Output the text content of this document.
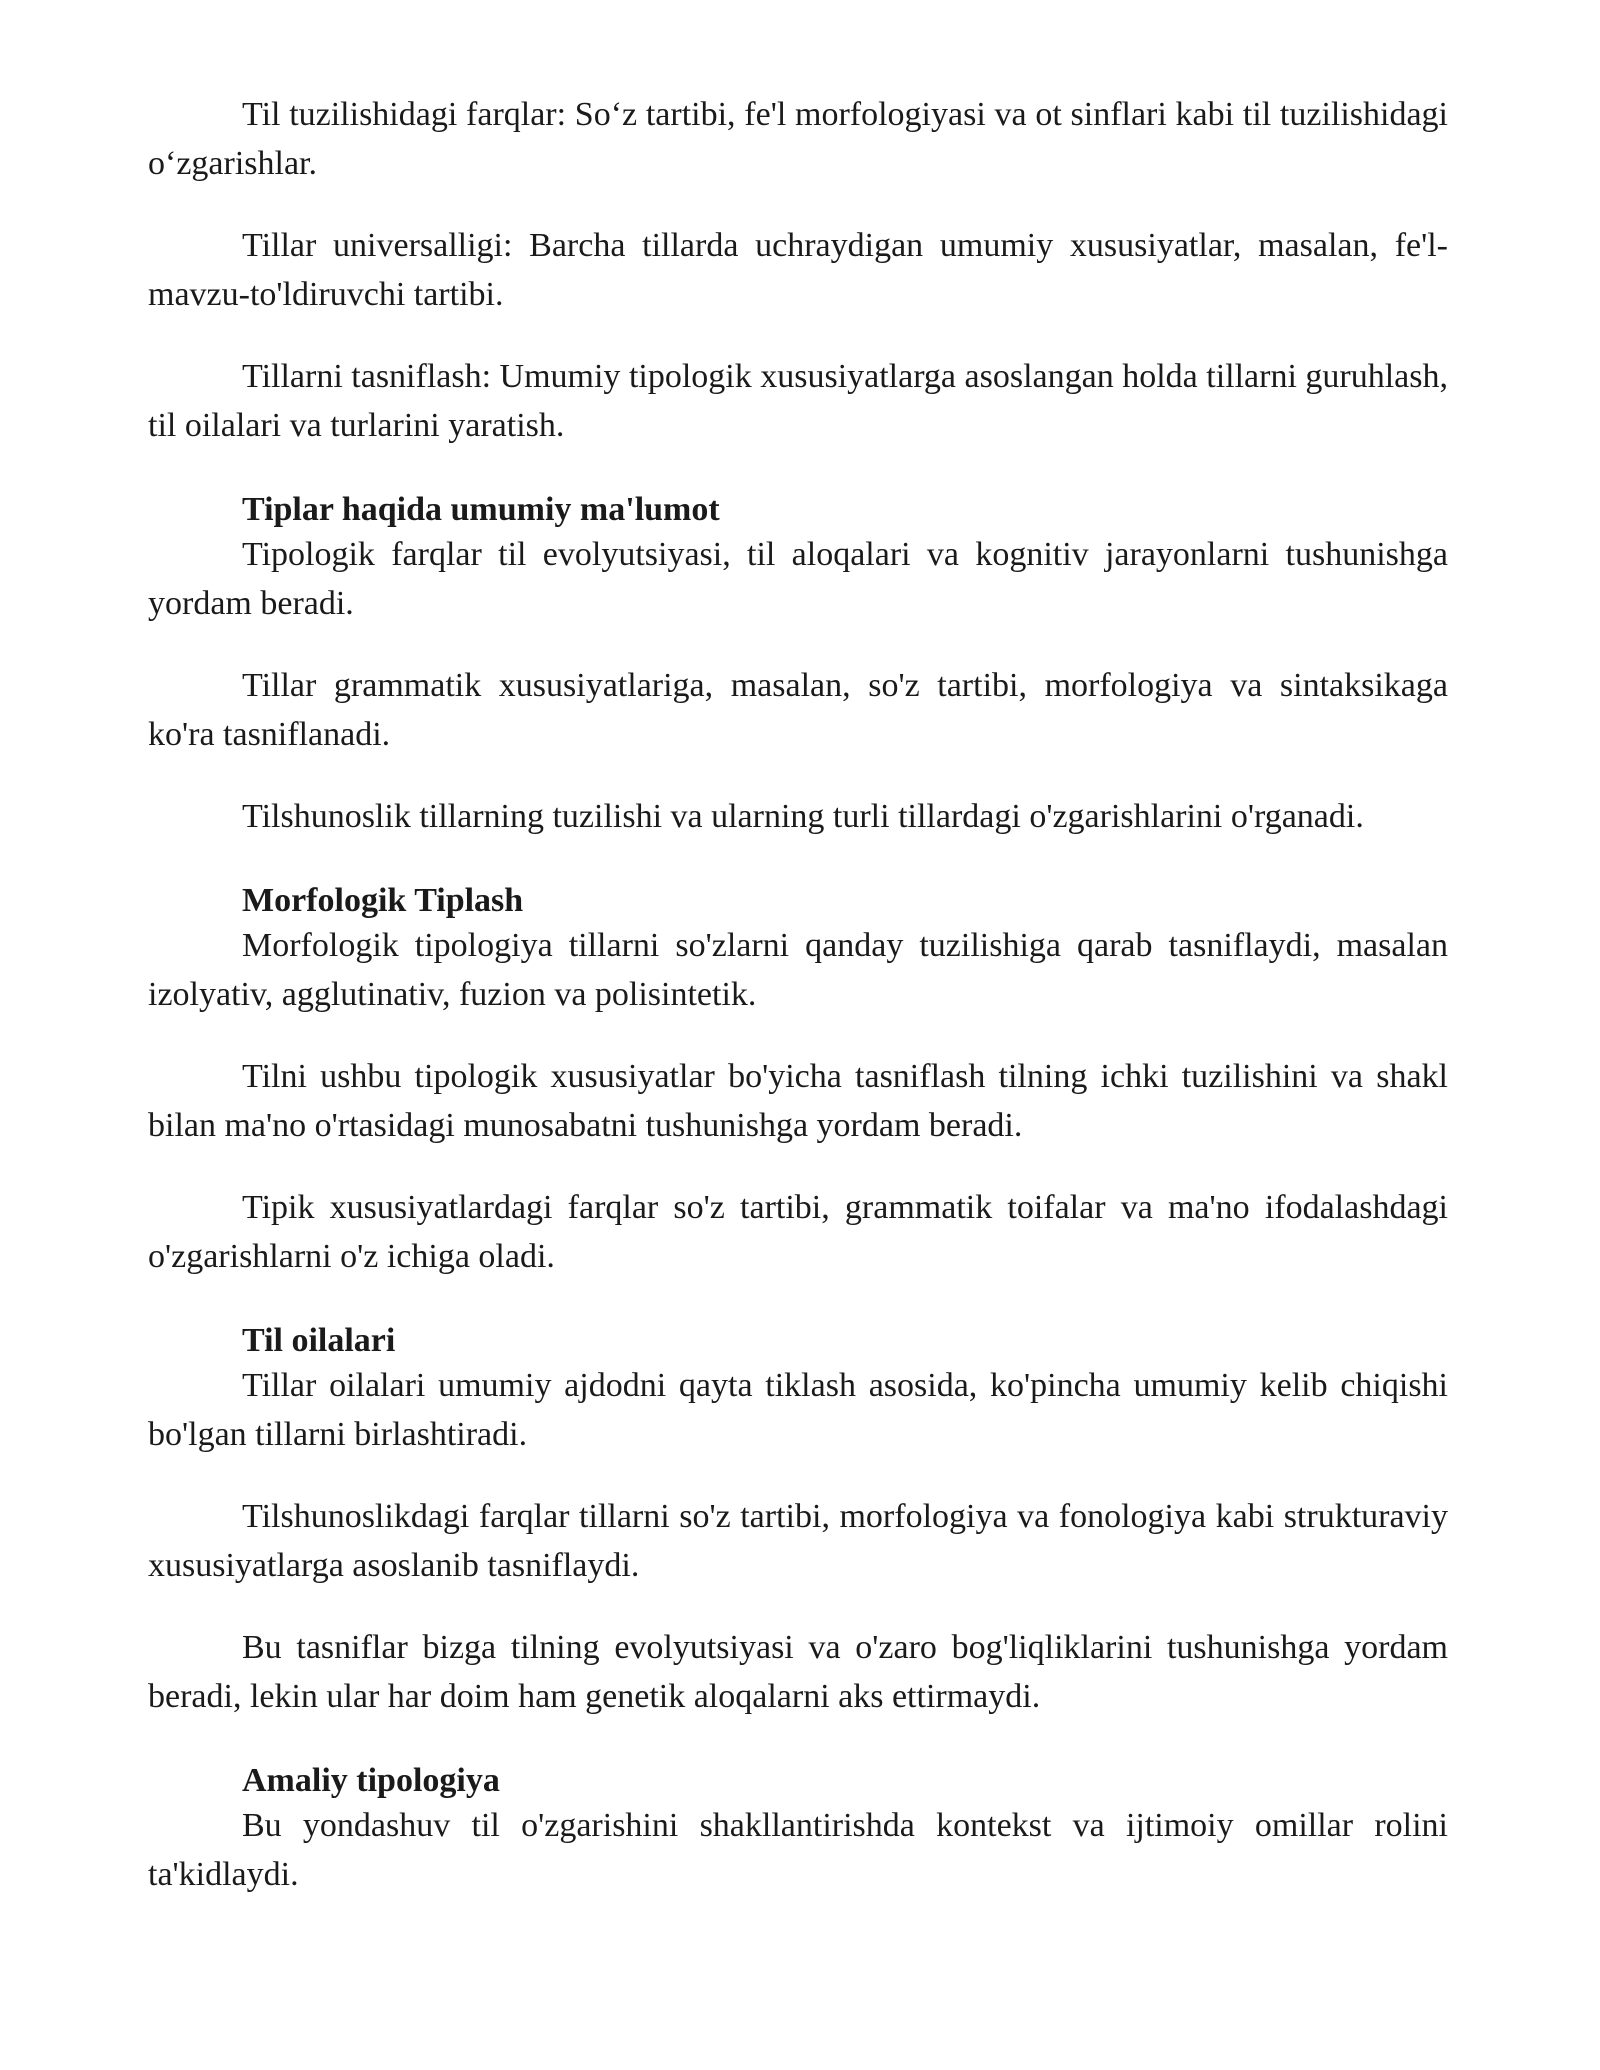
Til tuzilishidagi farqlar: So‘z tartibi, fe'l morfologiyasi va ot sinflari kabi til tuzilishidagi o‘zgarishlar.

Tillar universalligi: Barcha tillarda uchraydigan umumiy xususiyatlar, masalan, fe'l-mavzu-to'ldiruvchi tartibi.

Tillarni tasniflash: Umumiy tipologik xususiyatlarga asoslangan holda tillarni guruhlash, til oilalari va turlarini yaratish.

Tiplar haqida umumiy ma'lumot

Tipologik farqlar til evolyutsiyasi, til aloqalari va kognitiv jarayonlarni tushunishga yordam beradi.

Tillar grammatik xususiyatlariga, masalan, so'z tartibi, morfologiya va sintaksikaga ko'ra tasniflanadi.

Tilshunoslik tillarning tuzilishi va ularning turli tillardagi o'zgarishlarini o'rganadi.

Morfologik Tiplash

Morfologik tipologiya tillarni so'zlarni qanday tuzilishiga qarab tasniflaydi, masalan izolyativ, agglutinativ, fuzion va polisintetik.

Tilni ushbu tipologik xususiyatlar bo'yicha tasniflash tilning ichki tuzilishini va shakl bilan ma'no o'rtasidagi munosabatni tushunishga yordam beradi.

Tipik xususiyatlardagi farqlar so'z tartibi, grammatik toifalar va ma'no ifodalashdagi o'zgarishlarni o'z ichiga oladi.

Til oilalari

Tillar oilalari umumiy ajdodni qayta tiklash asosida, ko'pincha umumiy kelib chiqishi bo'lgan tillarni birlashtiradi.

Tilshunoslikdagi farqlar tillarni so'z tartibi, morfologiya va fonologiya kabi strukturaviy xususiyatlarga asoslanib tasniflaydi.

Bu tasniflar bizga tilning evolyutsiyasi va o'zaro bog'liqliklarini tushunishga yordam beradi, lekin ular har doim ham genetik aloqalarni aks ettirmaydi.

Amaliy tipologiya

Bu yondashuv til o'zgarishini shakllantirishda kontekst va ijtimoiy omillar rolini ta'kidlaydi.
